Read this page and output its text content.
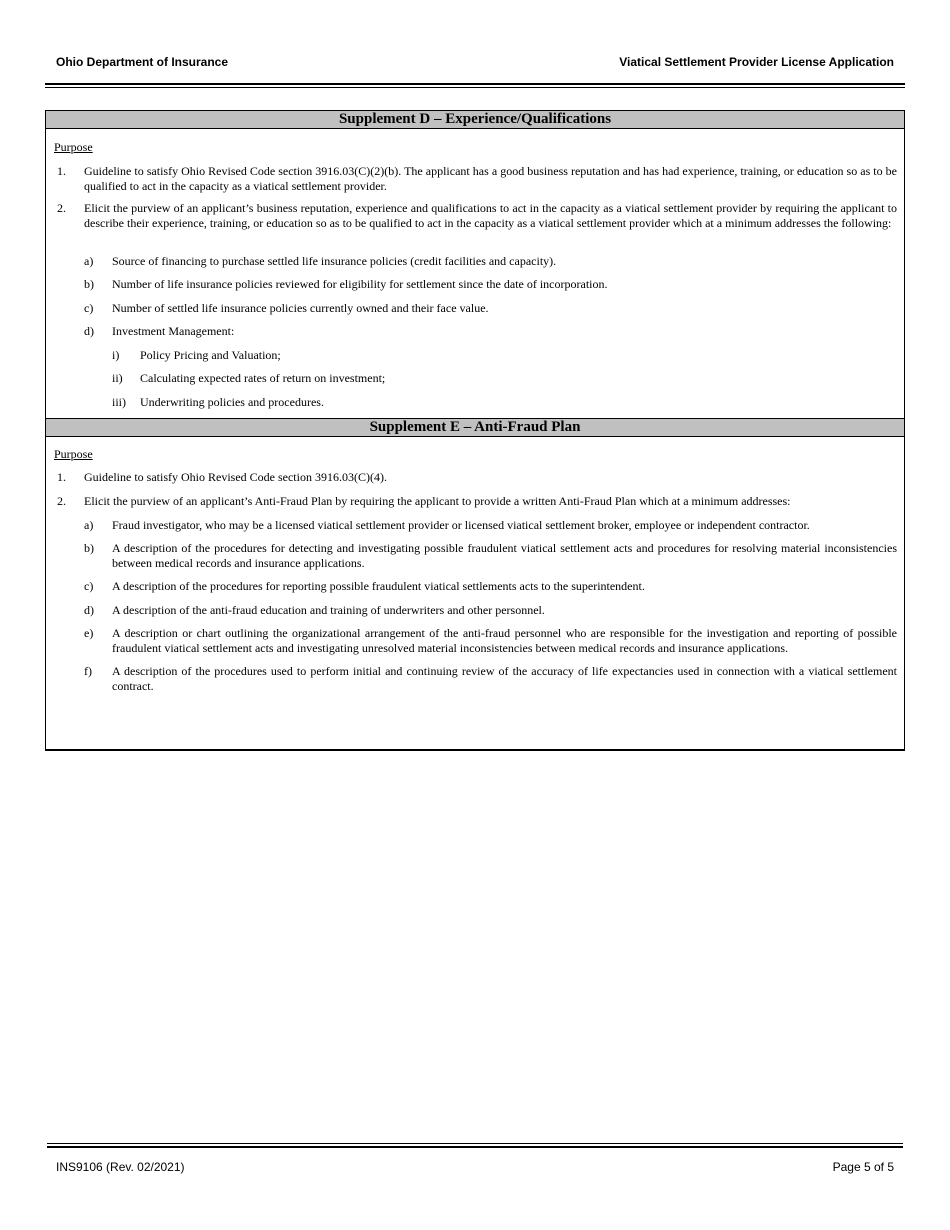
Ohio Department of Insurance	Viatical Settlement Provider License Application
Supplement D – Experience/Qualifications
Purpose
1. Guideline to satisfy Ohio Revised Code section 3916.03(C)(2)(b). The applicant has a good business reputation and has had experience, training, or education so as to be qualified to act in the capacity as a viatical settlement provider.
2. Elicit the purview of an applicant’s business reputation, experience and qualifications to act in the capacity as a viatical settlement provider by requiring the applicant to describe their experience, training, or education so as to be qualified to act in the capacity as a viatical settlement provider which at a minimum addresses the following:
a) Source of financing to purchase settled life insurance policies (credit facilities and capacity).
b) Number of life insurance policies reviewed for eligibility for settlement since the date of incorporation.
c) Number of settled life insurance policies currently owned and their face value.
d) Investment Management:
i) Policy Pricing and Valuation;
ii) Calculating expected rates of return on investment;
iii) Underwriting policies and procedures.
Supplement E – Anti-Fraud Plan
Purpose
1. Guideline to satisfy Ohio Revised Code section 3916.03(C)(4).
2. Elicit the purview of an applicant’s Anti-Fraud Plan by requiring the applicant to provide a written Anti-Fraud Plan which at a minimum addresses:
a) Fraud investigator, who may be a licensed viatical settlement provider or licensed viatical settlement broker, employee or independent contractor.
b) A description of the procedures for detecting and investigating possible fraudulent viatical settlement acts and procedures for resolving material inconsistencies between medical records and insurance applications.
c) A description of the procedures for reporting possible fraudulent viatical settlements acts to the superintendent.
d) A description of the anti-fraud education and training of underwriters and other personnel.
e) A description or chart outlining the organizational arrangement of the anti-fraud personnel who are responsible for the investigation and reporting of possible fraudulent viatical settlement acts and investigating unresolved material inconsistencies between medical records and insurance applications.
f) A description of the procedures used to perform initial and continuing review of the accuracy of life expectancies used in connection with a viatical settlement contract.
INS9106 (Rev. 02/2021)	Page 5 of 5
